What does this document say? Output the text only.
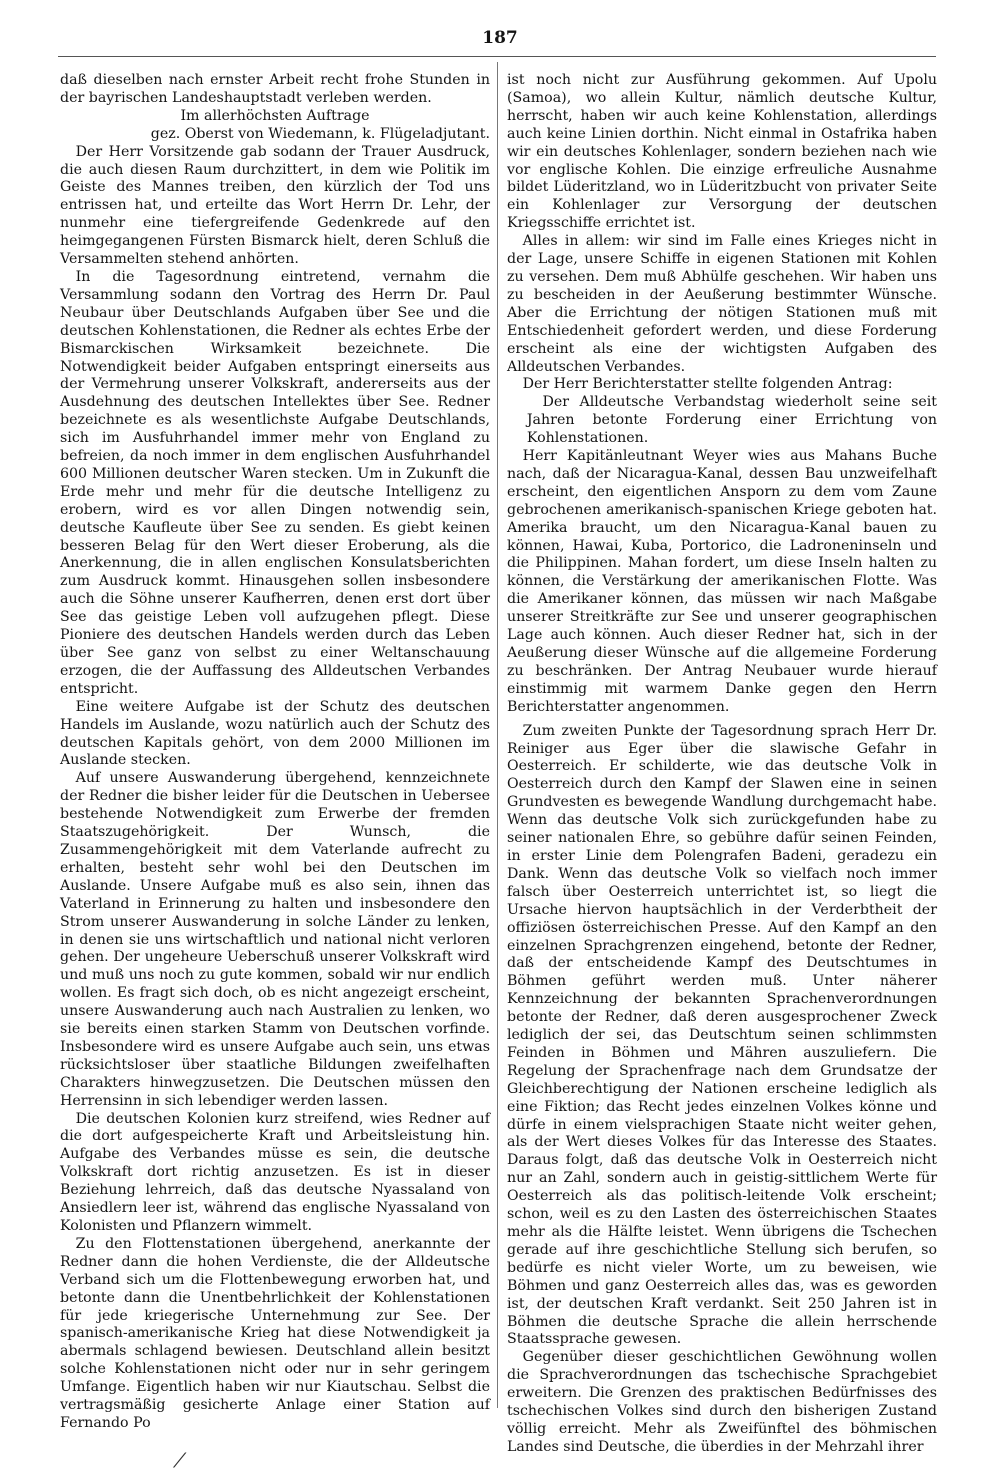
187

daß dieselben nach ernster Arbeit recht frohe Stunden in der bayrischen Landeshauptstadt verleben werden.

Im allerhöchsten Auftrage

gez. Oberst von Wiedemann, k. Flügeladjutant.

Der Herr Vorsitzende gab sodann der Trauer Ausdruck, die auch diesen Raum durchzittert, in dem wie Politik im Geiste des Mannes treiben, den kürzlich der Tod uns entrissen hat, und erteilte das Wort Herrn Dr. Lehr, der nunmehr eine tiefergreifende Gedenkrede auf den heimgegangenen Fürsten Bismarck hielt, deren Schluß die Versammelten stehend anhörten.

In die Tagesordnung eintretend, vernahm die Versammlung sodann den Vortrag des Herrn Dr. Paul Neubaur über Deutschlands Aufgaben über See und die deutschen Kohlenstationen, die Redner als echtes Erbe der Bismarckischen Wirksamkeit bezeichnete. Die Notwendigkeit beider Aufgaben entspringt einerseits aus der Vermehrung unserer Volkskraft, andererseits aus der Ausdehnung des deutschen Intellektes über See. Redner bezeichnete es als wesentlichste Aufgabe Deutschlands, sich im Ausfuhrhandel immer mehr von England zu befreien, da noch immer in dem englischen Ausfuhrhandel 600 Millionen deutscher Waren stecken. Um in Zukunft die Erde mehr und mehr für die deutsche Intelligenz zu erobern, wird es vor allen Dingen notwendig sein, deutsche Kaufleute über See zu senden. Es giebt keinen besseren Belag für den Wert dieser Eroberung, als die Anerkennung, die in allen englischen Konsulatsberichten zum Ausdruck kommt. Hinausgehen sollen insbesondere auch die Söhne unserer Kaufherren, denen erst dort über See das geistige Leben voll aufzugehen pflegt. Diese Pioniere des deutschen Handels werden durch das Leben über See ganz von selbst zu einer Weltanschauung erzogen, die der Auffassung des Alldeutschen Verbandes entspricht.

Eine weitere Aufgabe ist der Schutz des deutschen Handels im Auslande, wozu natürlich auch der Schutz des deutschen Kapitals gehört, von dem 2000 Millionen im Auslande stecken.

Auf unsere Auswanderung übergehend, kennzeichnete der Redner die bisher leider für die Deutschen in Uebersee bestehende Notwendigkeit zum Erwerbe der fremden Staatszugehörigkeit. Der Wunsch, die Zusammengehörigkeit mit dem Vaterlande aufrecht zu erhalten, besteht sehr wohl bei den Deutschen im Auslande. Unsere Aufgabe muß es also sein, ihnen das Vaterland in Erinnerung zu halten und insbesondere den Strom unserer Auswanderung in solche Länder zu lenken, in denen sie uns wirtschaftlich und national nicht verloren gehen. Der ungeheure Ueberschuß unserer Volkskraft wird und muß uns noch zu gute kommen, sobald wir nur endlich wollen. Es fragt sich doch, ob es nicht angezeigt erscheint, unsere Auswanderung auch nach Australien zu lenken, wo sie bereits einen starken Stamm von Deutschen vorfinde. Insbesondere wird es unsere Aufgabe auch sein, uns etwas rücksichtsloser über staatliche Bildungen zweifelhaften Charakters hinwegzusetzen. Die Deutschen müssen den Herrensinn in sich lebendiger werden lassen.

Die deutschen Kolonien kurz streifend, wies Redner auf die dort aufgespeicherte Kraft und Arbeitsleistung hin. Aufgabe des Verbandes müsse es sein, die deutsche Volkskraft dort richtig anzusetzen. Es ist in dieser Beziehung lehrreich, daß das deutsche Nyassaland von Ansiedlern leer ist, während das englische Nyassaland von Kolonisten und Pflanzern wimmelt.

Zu den Flottenstationen übergehend, anerkannte der Redner dann die hohen Verdienste, die der Alldeutsche Verband sich um die Flottenbewegung erworben hat, und betonte dann die Unentbehrlichkeit der Kohlenstationen für jede kriegerische Unternehmung zur See. Der spanisch-amerikanische Krieg hat diese Notwendigkeit ja abermals schlagend bewiesen. Deutschland allein besitzt solche Kohlenstationen nicht oder nur in sehr geringem Umfange. Eigentlich haben wir nur Kiautschau. Selbst die vertragsmäßig gesicherte Anlage einer Station auf Fernando Po

ist noch nicht zur Ausführung gekommen. Auf Upolu (Samoa), wo allein Kultur, nämlich deutsche Kultur, herrscht, haben wir auch keine Kohlenstation, allerdings auch keine Linien dorthin. Nicht einmal in Ostafrika haben wir ein deutsches Kohlenlager, sondern beziehen nach wie vor englische Kohlen. Die einzige erfreuliche Ausnahme bildet Lüderitzland, wo in Lüderitzbucht von privater Seite ein Kohlenlager zur Versorgung der deutschen Kriegsschiffe errichtet ist.

Alles in allem: wir sind im Falle eines Krieges nicht in der Lage, unsere Schiffe in eigenen Stationen mit Kohlen zu versehen. Dem muß Abhülfe geschehen. Wir haben uns zu bescheiden in der Aeußerung bestimmter Wünsche. Aber die Errichtung der nötigen Stationen muß mit Entschiedenheit gefordert werden, und diese Forderung erscheint als eine der wichtigsten Aufgaben des Alldeutschen Verbandes.

Der Herr Berichterstatter stellte folgenden Antrag:

Der Alldeutsche Verbandstag wiederholt seine seit Jahren betonte Forderung einer Errichtung von Kohlenstationen.

Herr Kapitänleutnant Weyer wies aus Mahans Buche nach, daß der Nicaragua-Kanal, dessen Bau unzweifelhaft erscheint, den eigentlichen Ansporn zu dem vom Zaune gebrochenen amerikanisch-spanischen Kriege geboten hat. Amerika braucht, um den Nicaragua-Kanal bauen zu können, Hawai, Kuba, Portorico, die Ladroneninseln und die Philippinen. Mahan fordert, um diese Inseln halten zu können, die Verstärkung der amerikanischen Flotte. Was die Amerikaner können, das müssen wir nach Maßgabe unserer Streitkräfte zur See und unserer geographischen Lage auch können. Auch dieser Redner hat, sich in der Aeußerung dieser Wünsche auf die allgemeine Forderung zu beschränken. Der Antrag Neubauer wurde hierauf einstimmig mit warmem Danke gegen den Herrn Berichterstatter angenommen.

Zum zweiten Punkte der Tagesordnung sprach Herr Dr. Reiniger aus Eger über die slawische Gefahr in Oesterreich. Er schilderte, wie das deutsche Volk in Oesterreich durch den Kampf der Slawen eine in seinen Grundvesten es bewegende Wandlung durchgemacht habe. Wenn das deutsche Volk sich zurückgefunden habe zu seiner nationalen Ehre, so gebühre dafür seinen Feinden, in erster Linie dem Polengrafen Badeni, geradezu ein Dank. Wenn das deutsche Volk so vielfach noch immer falsch über Oesterreich unterrichtet ist, so liegt die Ursache hiervon hauptsächlich in der Verderbtheit der offiziösen österreichischen Presse. Auf den Kampf an den einzelnen Sprachgrenzen eingehend, betonte der Redner, daß der entscheidende Kampf des Deutschtumes in Böhmen geführt werden muß. Unter näherer Kennzeichnung der bekannten Sprachenverordnungen betonte der Redner, daß deren ausgesprochener Zweck lediglich der sei, das Deutschtum seinen schlimmsten Feinden in Böhmen und Mähren auszuliefern. Die Regelung der Sprachenfrage nach dem Grundsatze der Gleichberechtigung der Nationen erscheine lediglich als eine Fiktion; das Recht jedes einzelnen Volkes könne und dürfe in einem vielsprachigen Staate nicht weiter gehen, als der Wert dieses Volkes für das Interesse des Staates. Daraus folgt, daß das deutsche Volk in Oesterreich nicht nur an Zahl, sondern auch in geistig-sittlichem Werte für Oesterreich als das politisch-leitende Volk erscheint; schon, weil es zu den Lasten des österreichischen Staates mehr als die Hälfte leistet. Wenn übrigens die Tschechen gerade auf ihre geschichtliche Stellung sich berufen, so bedürfe es nicht vieler Worte, um zu beweisen, wie Böhmen und ganz Oesterreich alles das, was es geworden ist, der deutschen Kraft verdankt. Seit 250 Jahren ist in Böhmen die deutsche Sprache die allein herrschende Staatssprache gewesen.

Gegenüber dieser geschichtlichen Gewöhnung wollen die Sprachverordnungen das tschechische Sprachgebiet erweitern. Die Grenzen des praktischen Bedürfnisses des tschechischen Volkes sind durch den bisherigen Zustand völlig erreicht. Mehr als Zweifünftel des böhmischen Landes sind Deutsche, die überdies in der Mehrzahl ihrer

⁄
